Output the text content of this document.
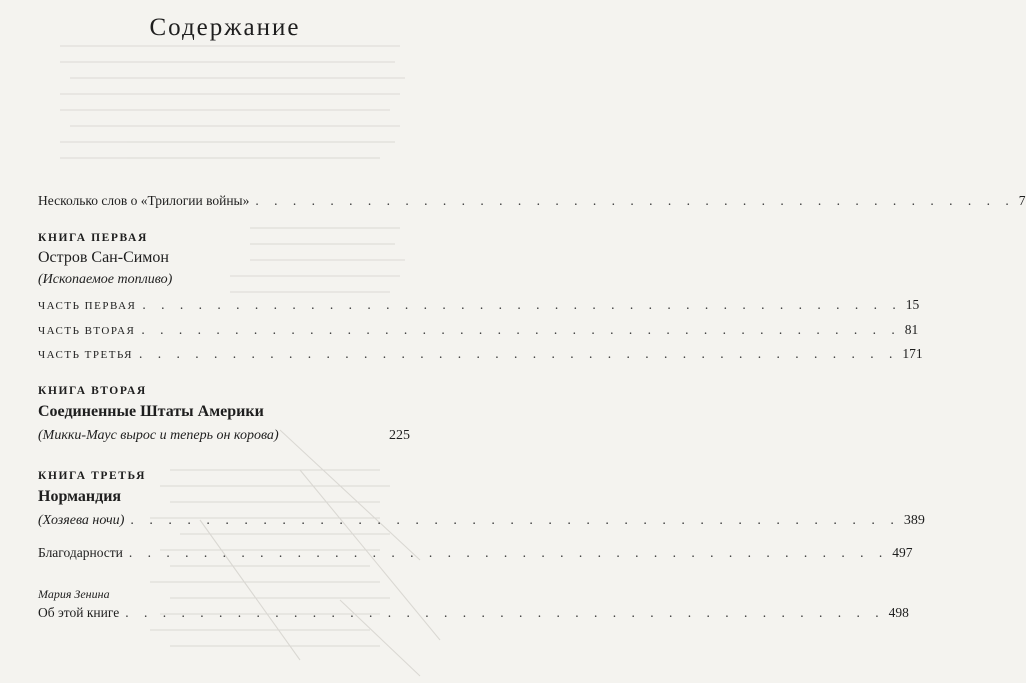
Содержание
Несколько слов о «Трилогии войны» . . . . . . . . . . . . . . . . . . . . . . . . . . . . . . . . . . . . . . . . . 7
КНИГА ПЕРВАЯ
Остров Сан-Симон
(Ископаемое топливо)
ЧАСТЬ ПЕРВАЯ . . . . . . . . . . . . . . . . . . . . . . . . . . . . . . . . . . . . . . . . . 15
ЧАСТЬ ВТОРАЯ . . . . . . . . . . . . . . . . . . . . . . . . . . . . . . . . . . . . . . . . . 81
ЧАСТЬ ТРЕТЬЯ . . . . . . . . . . . . . . . . . . . . . . . . . . . . . . . . . . . . . . . . . 171
КНИГА ВТОРАЯ
Соединенные Штаты Америки
(Микки-Маус вырос и теперь он корова)	225
КНИГА ТРЕТЬЯ
Нормандия
(Хозяева ночи) . . . . . . . . . . . . . . . . . . . . . . . . . . . . . . . . . . . . . . . . . 389
Благодарности . . . . . . . . . . . . . . . . . . . . . . . . . . . . . . . . . . . . . . . . . 497
Мария Зенина
Об этой книге . . . . . . . . . . . . . . . . . . . . . . . . . . . . . . . . . . . . . . . . . 498
